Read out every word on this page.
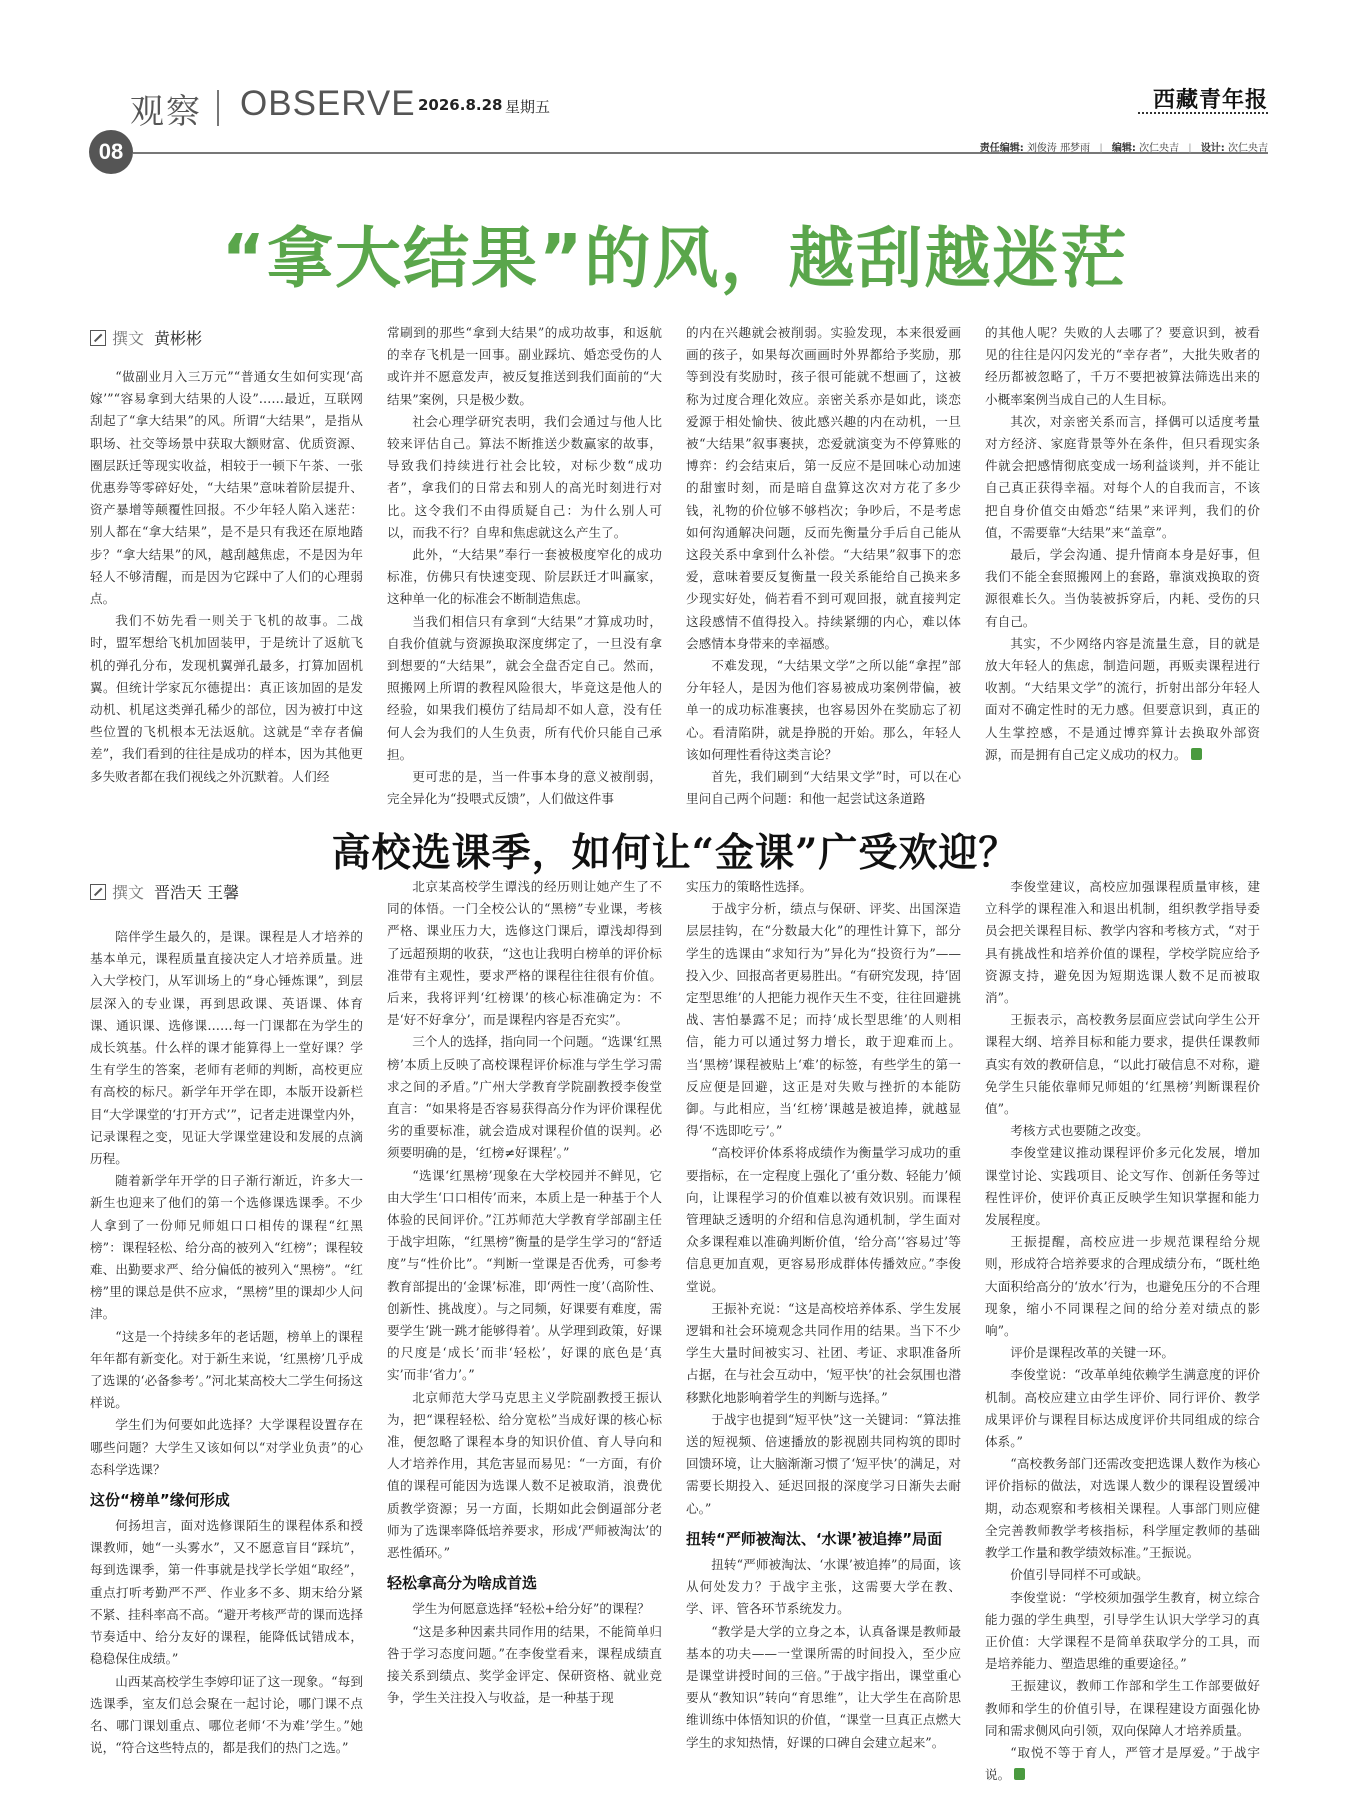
观察 OBSERVE 2026.8.28 星期五	西藏青年报
08	责任编辑: 刘俊涛 邢梦雨 | 编辑: 次仁央吉 | 设计: 次仁央吉
“拿大结果”的风，越刮越迷茫
撰文 黄彬彬

“做副业月入三万元”“普通女生如何实现‘高嫁’”“容易拿到大结果的人设”……最近，互联网刮起了“拿大结果”的风。所谓“大结果”，是指从职场、社交等场景中获取大额财富、优质资源、圈层跃迁等现实收益，相较于一顿下午茶、一张优惠券等零碎好处，“大结果”意味着阶层提升、资产暴增等颠覆性回报。不少年轻人陷入迷茫：别人都在“拿大结果”，是不是只有我还在原地踏步？“拿大结果”的风，越刮越焦虑，不是因为年轻人不够清醒，而是因为它踩中了人们的心理弱点。

我们不妨先看一则关于飞机的故事。二战时，盟军想给飞机加固装甲，于是统计了返航飞机的弹孔分布，发现机翼弹孔最多，打算加固机翼。但统计学家瓦尔德提出：真正该加固的是发动机、机尾这类弹孔稀少的部位，因为被打中这些位置的飞机根本无法返航。这就是“幸存者偏差”，我们看到的往往是成功的样本，因为其他更多失败者都在我们视线之外沉默着。人们经

常刷到的那些“拿到大结果”的成功故事，和返航的幸存飞机是一回事。副业踩坑、婚恋受伤的人或许并不愿意发声，被反复推送到我们面前的“大结果”案例，只是极少数。

社会心理学研究表明，我们会通过与他人比较来评估自己。算法不断推送少数赢家的故事，导致我们持续进行社会比较，对标少数“成功者”，拿我们的日常去和别人的高光时刻进行对比。这令我们不由得质疑自己：为什么别人可以，而我不行？自卑和焦虑就这么产生了。

此外，“大结果”奉行一套被极度窄化的成功标准，仿佛只有快速变现、阶层跃迁才叫赢家，这种单一化的标准会不断制造焦虑。

当我们相信只有拿到“大结果”才算成功时，自我价值就与资源换取深度绑定了，一旦没有拿到想要的“大结果”，就会全盘否定自己。然而，照搬网上所谓的教程风险很大，毕竟这是他人的经验，如果我们模仿了结局却不如人意，没有任何人会为我们的人生负责，所有代价只能自己承担。

更可悲的是，当一件事本身的意义被削弱，完全异化为“投喂式反馈”，人们做这件事

的内在兴趣就会被削弱。实验发现，本来很爱画画的孩子，如果每次画画时外界都给予奖励，那等到没有奖励时，孩子很可能就不想画了，这被称为过度合理化效应。亲密关系亦是如此，谈恋爱源于相处愉快、彼此感兴趣的内在动机，一旦被“大结果”叙事裹挟，恋爱就演变为不停算账的博弈：约会结束后，第一反应不是回味心动加速的甜蜜时刻，而是暗自盘算这次对方花了多少钱，礼物的价位够不够档次；争吵后，不是考虑如何沟通解决问题，反而先衡量分手后自己能从这段关系中拿到什么补偿。“大结果”叙事下的恋爱，意味着要反复衡量一段关系能给自己换来多少现实好处，倘若看不到可观回报，就直接判定这段感情不值得投入。持续紧绷的内心，难以体会感情本身带来的幸福感。

不难发现，“大结果文学”之所以能“拿捏”部分年轻人，是因为他们容易被成功案例带偏，被单一的成功标准裹挟，也容易因外在奖励忘了初心。看清陷阱，就是挣脱的开始。那么，年轻人该如何理性看待这类言论？

首先，我们刷到“大结果文学”时，可以在心里问自己两个问题：和他一起尝试这条道路

的其他人呢？失败的人去哪了？要意识到，被看见的往往是闪闪发光的“幸存者”，大批失败者的经历都被忽略了，千万不要把被算法筛选出来的小概率案例当成自己的人生目标。

其次，对亲密关系而言，择偶可以适度考量对方经济、家庭背景等外在条件，但只看现实条件就会把感情彻底变成一场利益谈判，并不能让自己真正获得幸福。对每个人的自我而言，不该把自身价值交由婚恋“结果”来评判，我们的价值，不需要靠“大结果”来“盖章”。

最后，学会沟通、提升情商本身是好事，但我们不能全套照搬网上的套路，靠演戏换取的资源很难长久。当伪装被拆穿后，内耗、受伤的只有自己。

其实，不少网络内容是流量生意，目的就是放大年轻人的焦虑，制造问题，再贩卖课程进行收割。“大结果文学”的流行，折射出部分年轻人面对不确定性时的无力感。但要意识到，真正的人生掌控感，不是通过博弈算计去换取外部资源，而是拥有自己定义成功的权力。

高校选课季，如何让“金课”广受欢迎？
撰文 晋浩天 王馨

陪伴学生最久的，是课。课程是人才培养的基本单元，课程质量直接决定人才培养质量。进入大学校门，从军训场上的“身心锤炼课”，到层层深入的专业课，再到思政课、英语课、体育课、通识课、选修课……每一门课都在为学生的成长筑基。什么样的课才能算得上一堂好课？学生有学生的答案，老师有老师的判断，高校更应有高校的标尺。新学年开学在即，本版开设新栏目“大学课堂的‘打开方式’”，记者走进课堂内外，记录课程之变，见证大学课堂建设和发展的点滴历程。

随着新学年开学的日子渐行渐近，许多大一新生也迎来了他们的第一个选修课选课季。不少人拿到了一份师兄师姐口口相传的课程“红黑榜”：课程轻松、给分高的被列入“红榜”；课程较难、出勤要求严、给分偏低的被列入“黑榜”。“红榜”里的课总是供不应求，“黑榜”里的课却少人问津。

“这是一个持续多年的老话题，榜单上的课程年年都有新变化。对于新生来说，‘红黑榜’几乎成了选课的‘必备参考’。”河北某高校大二学生何扬这样说。

学生们为何要如此选择？大学课程设置存在哪些问题？大学生又该如何以“对学业负责”的心态科学选课？

这份“榜单”缘何形成

何扬坦言，面对选修课陌生的课程体系和授课教师，她“一头雾水”，又不愿意盲目“踩坑”，每到选课季，第一件事就是找学长学姐“取经”，重点打听考勤严不严、作业多不多、期末给分紧不紧、挂科率高不高。“避开考核严苛的课而选择节奏适中、给分友好的课程，能降低试错成本，稳稳保住成绩。”

山西某高校学生李婷印证了这一现象。“每到选课季，室友们总会聚在一起讨论，哪门课不点名、哪门课划重点、哪位老师‘不为难’学生。”她说，“符合这些特点的，都是我们的热门之选。”

北京某高校学生谭浅的经历则让她产生了不同的体悟。一门全校公认的“黑榜”专业课，考核严格、课业压力大，选修这门课后，谭浅却得到了远超预期的收获，“这也让我明白榜单的评价标准带有主观性，要求严格的课程往往很有价值。后来，我将评判‘红榜课’的核心标准确定为：不是‘好不好拿分’，而是课程内容是否充实”。

三个人的选择，指向同一个问题。“选课‘红黑榜’本质上反映了高校课程评价标准与学生学习需求之间的矛盾。”广州大学教育学院副教授李俊堂直言：“如果将是否容易获得高分作为评价课程优劣的重要标准，就会造成对课程价值的误判。必须要明确的是，‘红榜≠好课程’。”

“选课‘红黑榜’现象在大学校园并不鲜见，它由大学生‘口口相传’而来，本质上是一种基于个人体验的民间评价。”江苏师范大学教育学部副主任于战宇坦陈，“红黑榜”衡量的是学生学习的“舒适度”与“性价比”。“判断一堂课是否优秀，可参考教育部提出的‘金课’标准，即‘两性一度’（高阶性、创新性、挑战度）。与之同频，好课要有难度，需要学生‘跳一跳才能够得着’。从学理到政策，好课的尺度是‘成长’而非‘轻松’，好课的底色是‘真实’而非‘省力’。”

北京师范大学马克思主义学院副教授王振认为，把“课程轻松、给分宽松”当成好课的核心标准，便忽略了课程本身的知识价值、育人导向和人才培养作用，其危害显而易见：“一方面，有价值的课程可能因为选课人数不足被取消，浪费优质教学资源；另一方面，长期如此会倒逼部分老师为了选课率降低培养要求，形成‘严师被淘汰’的恶性循环。”

轻松拿高分为啥成首选

学生为何愿意选择“轻松+给分好”的课程？

“这是多种因素共同作用的结果，不能简单归咎于学习态度问题。”在李俊堂看来，课程成绩直接关系到绩点、奖学金评定、保研资格、就业竞争，学生关注投入与收益，是一种基于现

实压力的策略性选择。

于战宇分析，绩点与保研、评奖、出国深造层层挂钩，在“分数最大化”的理性计算下，部分学生的选课由“求知行为”异化为“投资行为”——投入少、回报高者更易胜出。“有研究发现，持‘固定型思维’的人把能力视作天生不变，往往回避挑战、害怕暴露不足；而持‘成长型思维’的人则相信，能力可以通过努力增长，敢于迎难而上。当‘黑榜’课程被贴上‘难’的标签，有些学生的第一反应便是回避，这正是对失败与挫折的本能防御。与此相应，当‘红榜’课越是被追捧，就越显得‘不选即吃亏’。”

“高校评价体系将成绩作为衡量学习成功的重要指标，在一定程度上强化了‘重分数、轻能力’倾向，让课程学习的价值难以被有效识别。而课程管理缺乏透明的介绍和信息沟通机制，学生面对众多课程难以准确判断价值，‘给分高’‘容易过’等信息更加直观，更容易形成群体传播效应。”李俊堂说。

王振补充说：“这是高校培养体系、学生发展逻辑和社会环境观念共同作用的结果。当下不少学生大量时间被实习、社团、考证、求职准备所占据，在与社会互动中，‘短平快’的社会氛围也潜移默化地影响着学生的判断与选择。”

于战宇也提到“短平快”这一关键词：“算法推送的短视频、倍速播放的影视剧共同构筑的即时回馈环境，让大脑渐渐习惯了‘短平快’的满足，对需要长期投入、延迟回报的深度学习日渐失去耐心。”

扭转“严师被淘汰、‘水课’被追捧”局面

扭转“严师被淘汰、‘水课’被追捧”的局面，该从何处发力？于战宇主张，这需要大学在教、学、评、管各环节系统发力。

“教学是大学的立身之本，认真备课是教师最基本的功夫——一堂课所需的时间投入，至少应是课堂讲授时间的三倍。”于战宇指出，课堂重心要从“教知识”转向“育思维”，让大学生在高阶思维训练中体悟知识的价值，“课堂一旦真正点燃大学生的求知热情，好课的口碑自会建立起来”。

李俊堂建议，高校应加强课程质量审核，建立科学的课程准入和退出机制，组织教学指导委员会把关课程目标、教学内容和考核方式，“对于具有挑战性和培养价值的课程，学校学院应给予资源支持，避免因为短期选课人数不足而被取消”。

王振表示，高校教务层面应尝试向学生公开课程大纲、培养目标和能力要求，提供任课教师真实有效的教研信息，“以此打破信息不对称，避免学生只能依靠师兄师姐的‘红黑榜’判断课程价值”。

考核方式也要随之改变。

李俊堂建议推动课程评价多元化发展，增加课堂讨论、实践项目、论文写作、创新任务等过程性评价，使评价真正反映学生知识掌握和能力发展程度。

王振提醒，高校应进一步规范课程给分规则，形成符合培养要求的合理成绩分布，“既杜绝大面积给高分的‘放水’行为，也避免压分的不合理现象，缩小不同课程之间的给分差对绩点的影响”。

评价是课程改革的关键一环。

李俊堂说：“改革单纯依赖学生满意度的评价机制。高校应建立由学生评价、同行评价、教学成果评价与课程目标达成度评价共同组成的综合体系。”

“高校教务部门还需改变把选课人数作为核心评价指标的做法，对选课人数少的课程设置缓冲期，动态观察和考核相关课程。人事部门则应健全完善教师教学考核指标，科学厘定教师的基础教学工作量和教学绩效标准。”王振说。

价值引导同样不可或缺。

李俊堂说：“学校须加强学生教育，树立综合能力强的学生典型，引导学生认识大学学习的真正价值：大学课程不是简单获取学分的工具，而是培养能力、塑造思维的重要途径。”

王振建议，教师工作部和学生工作部要做好教师和学生的价值引导，在课程建设方面强化协同和需求侧风向引领，双向保障人才培养质量。

“取悦不等于育人，严管才是厚爱。”于战宇说。
